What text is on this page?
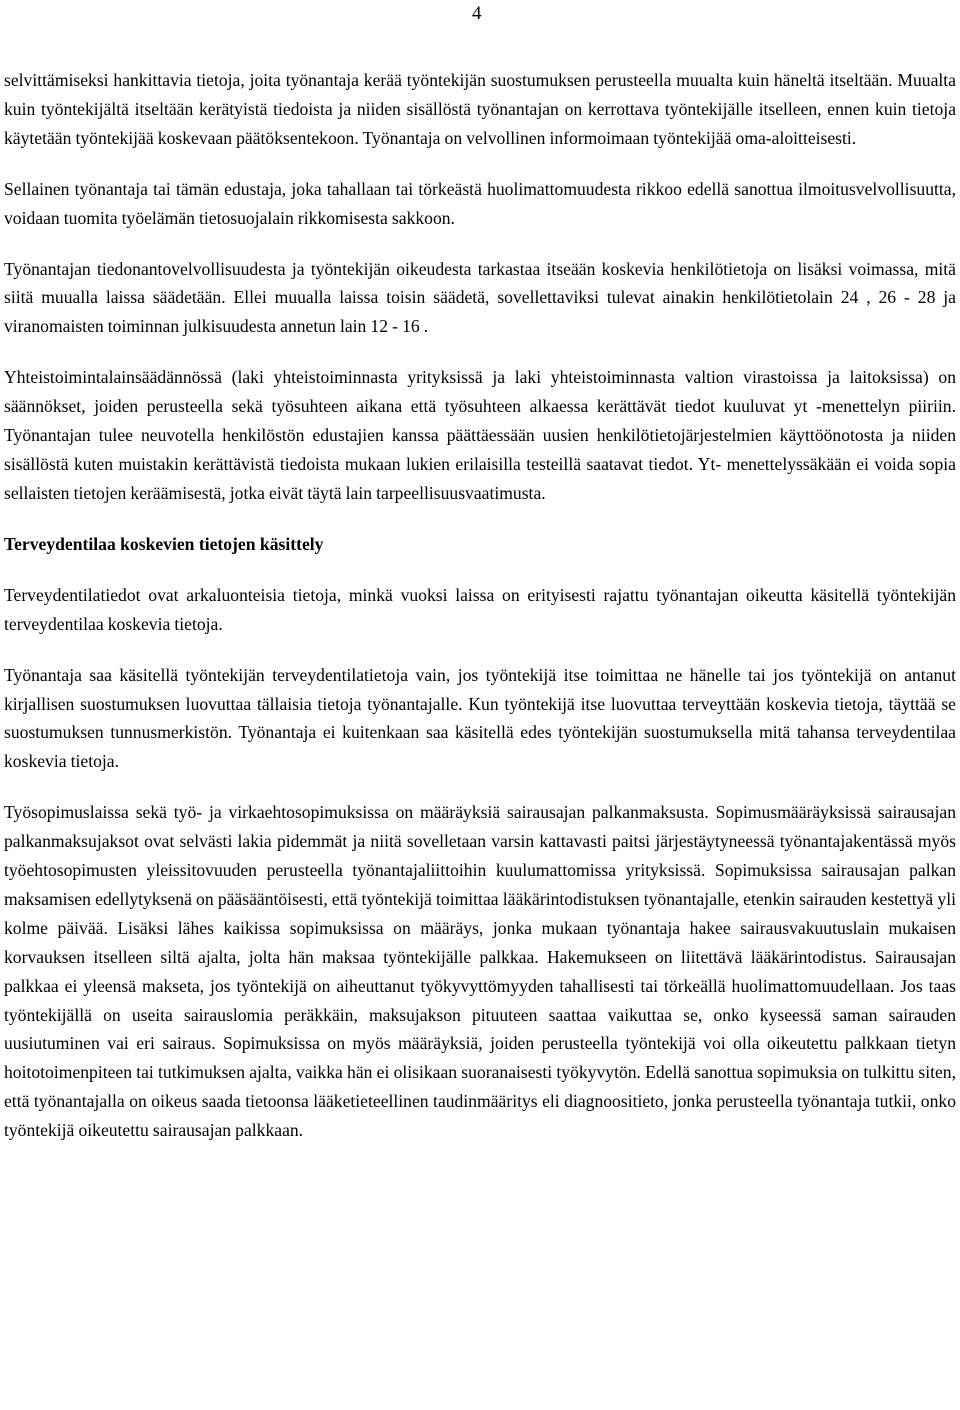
4

selvittämiseksi hankittavia tietoja, joita työnantaja kerää työntekijän suostumuksen perusteella muualta kuin häneltä itseltään. Muualta kuin työntekijältä itseltään kerätyistä tiedoista ja niiden sisällöstä työnantajan on kerrottava työntekijälle itselleen, ennen kuin tietoja käytetään työntekijää koskevaan päätöksentekoon. Työnantaja on velvollinen informoimaan työntekijää oma-aloitteisesti.

Sellainen työnantaja tai tämän edustaja, joka tahallaan tai törkeästä huolimattomuudesta rikkoo edellä sanottua ilmoitusvelvollisuutta, voidaan tuomita työelämän tietosuojalain rikkomisesta sakkoon.

Työnantajan tiedonantovelvollisuudesta ja työntekijän oikeudesta tarkastaa itseään koskevia henkilötietoja on lisäksi voimassa, mitä siitä muualla laissa säädetään. Ellei muualla laissa toisin säädetä, sovellettaviksi tulevat ainakin henkilötietolain 24 , 26 - 28 ja viranomaisten toiminnan julkisuudesta annetun lain 12 - 16 .

Yhteistoimintalainsäädännössä (laki yhteistoiminnasta yrityksissä ja laki yhteistoiminnasta valtion virastoissa ja laitoksissa) on säännökset, joiden perusteella sekä työsuhteen aikana että työsuhteen alkaessa kerättävät tiedot kuuluvat yt -menettelyn piiriin. Työnantajan tulee neuvotella henkilöstön edustajien kanssa päättäessään uusien henkilötietojärjestelmien käyttöönotosta ja niiden sisällöstä kuten muistakin kerättävistä tiedoista mukaan lukien erilaisilla testeillä saatavat tiedot. Yt- menettelyssäkään ei voida sopia sellaisten tietojen keräämisestä, jotka eivät täytä lain tarpeellisuusvaatimusta.

Terveydentilaa koskevien tietojen käsittely

Terveydentilatiedot ovat arkaluonteisia tietoja, minkä vuoksi laissa on erityisesti rajattu työnantajan oikeutta käsitellä työntekijän terveydentilaa koskevia tietoja.

Työnantaja saa käsitellä työntekijän terveydentilatietoja vain, jos työntekijä itse toimittaa ne hänelle tai jos työntekijä on antanut kirjallisen suostumuksen luovuttaa tällaisia tietoja työnantajalle. Kun työntekijä itse luovuttaa terveyttään koskevia tietoja, täyttää se suostumuksen tunnusmerkistön. Työnantaja ei kuitenkaan saa käsitellä edes työntekijän suostumuksella mitä tahansa terveydentilaa koskevia tietoja.

Työsopimuslaissa sekä työ- ja virkaehtosopimuksissa on määräyksiä sairausajan palkanmaksusta. Sopimusmääräyksissä sairausajan palkanmaksujaksot ovat selvästi lakia pidemmät ja niitä sovelletaan varsin kattavasti paitsi järjestäytyneessä työnantajakentässä myös työehtosopimusten yleissitovuuden perusteella työnantajaliittoihin kuulumattomissa yrityksissä. Sopimuksissa sairausajan palkan maksamisen edellytyksenä on pääsääntöisesti, että työntekijä toimittaa lääkärintodistuksen työnantajalle, etenkin sairauden kestettyä yli kolme päivää. Lisäksi lähes kaikissa sopimuksissa on määräys, jonka mukaan työnantaja hakee sairausvakuutuslain mukaisen korvauksen itselleen siltä ajalta, jolta hän maksaa työntekijälle palkkaa. Hakemukseen on liitettävä lääkärintodistus. Sairausajan palkkaa ei yleensä makseta, jos työntekijä on aiheuttanut työkyvyttömyyden tahallisesti tai törkeällä huolimattomuudellaan. Jos taas työntekijällä on useita sairauslomia peräkkäin, maksujakson pituuteen saattaa vaikuttaa se, onko kyseessä saman sairauden uusiutuminen vai eri sairaus. Sopimuksissa on myös määräyksiä, joiden perusteella työntekijä voi olla oikeutettu palkkaan tietyn hoitotoimenpiteen tai tutkimuksen ajalta, vaikka hän ei olisikaan suoranaisesti työkyvytön. Edellä sanottua sopimuksia on tulkittu siten, että työnantajalla on oikeus saada tietoonsa lääketieteellinen taudinmääritys eli diagnoositieto, jonka perusteella työnantaja tutkii, onko työntekijä oikeutettu sairausajan palkkaan.
